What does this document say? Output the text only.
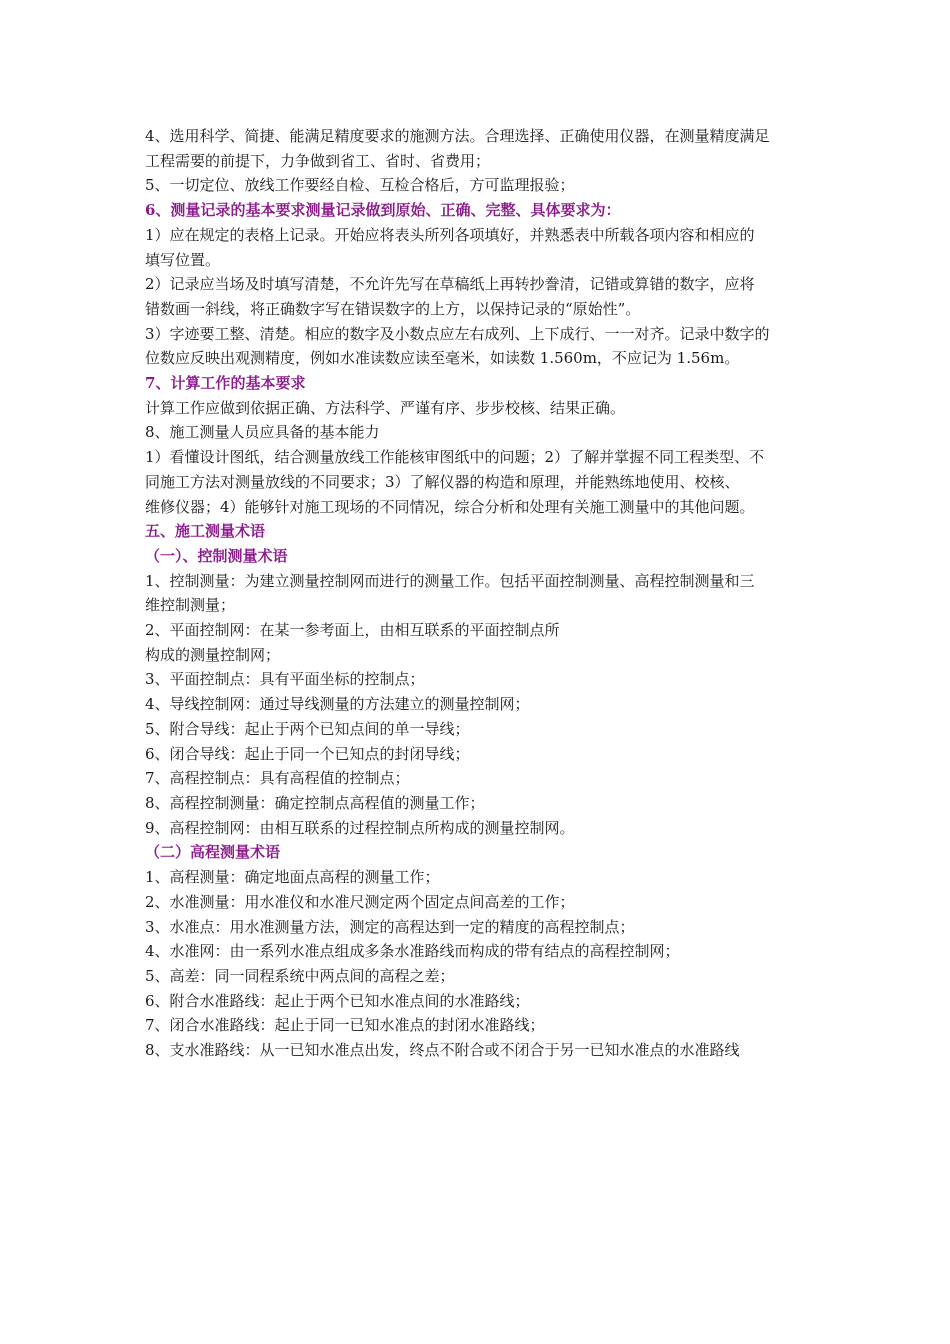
4、选用科学、简捷、能满足精度要求的施测方法。合理选择、正确使用仪器，在测量精度满足

工程需要的前提下，力争做到省工、省时、省费用；

5、一切定位、放线工作要经自检、互检合格后，方可监理报验；

6、测量记录的基本要求测量记录做到原始、正确、完整、具体要求为：

1）应在规定的表格上记录。开始应将表头所列各项填好，并熟悉表中所载各项内容和相应的

填写位置。

2）记录应当场及时填写清楚，不允许先写在草稿纸上再转抄誊清，记错或算错的数字，应将

错数画一斜线，将正确数字写在错误数字的上方，以保持记录的“原始性”。

3）字迹要工整、清楚。相应的数字及小数点应左右成列、上下成行、一一对齐。记录中数字的

位数应反映出观测精度，例如水准读数应读至毫米，如读数 1.560m，不应记为 1.56m。

7、计算工作的基本要求

计算工作应做到依据正确、方法科学、严谨有序、步步校核、结果正确。

8、施工测量人员应具备的基本能力

1）看懂设计图纸，结合测量放线工作能核审图纸中的问题；2）了解并掌握不同工程类型、不

同施工方法对测量放线的不同要求；3）了解仪器的构造和原理，并能熟练地使用、校核、

维修仪器；4）能够针对施工现场的不同情况，综合分析和处理有关施工测量中的其他问题。

五、施工测量术语

（一）、控制测量术语

1、控制测量：为建立测量控制网而进行的测量工作。包括平面控制测量、高程控制测量和三

维控制测量；

2、平面控制网：在某一参考面上，由相互联系的平面控制点所

构成的测量控制网；

3、平面控制点：具有平面坐标的控制点；

4、导线控制网：通过导线测量的方法建立的测量控制网；

5、附合导线：起止于两个已知点间的单一导线；

6、闭合导线：起止于同一个已知点的封闭导线；

7、高程控制点：具有高程值的控制点；

8、高程控制测量：确定控制点高程值的测量工作；

9、高程控制网：由相互联系的过程控制点所构成的测量控制网。

（二）高程测量术语

1、高程测量：确定地面点高程的测量工作；

2、水准测量：用水准仪和水准尺测定两个固定点间高差的工作；

3、水准点：用水准测量方法，测定的高程达到一定的精度的高程控制点；

4、水准网：由一系列水准点组成多条水准路线而构成的带有结点的高程控制网；

5、高差：同一同程系统中两点间的高程之差；

6、附合水准路线：起止于两个已知水准点间的水准路线；

7、闭合水准路线：起止于同一已知水准点的封闭水准路线；

8、支水准路线：从一已知水准点出发，终点不附合或不闭合于另一已知水准点的水准路线
